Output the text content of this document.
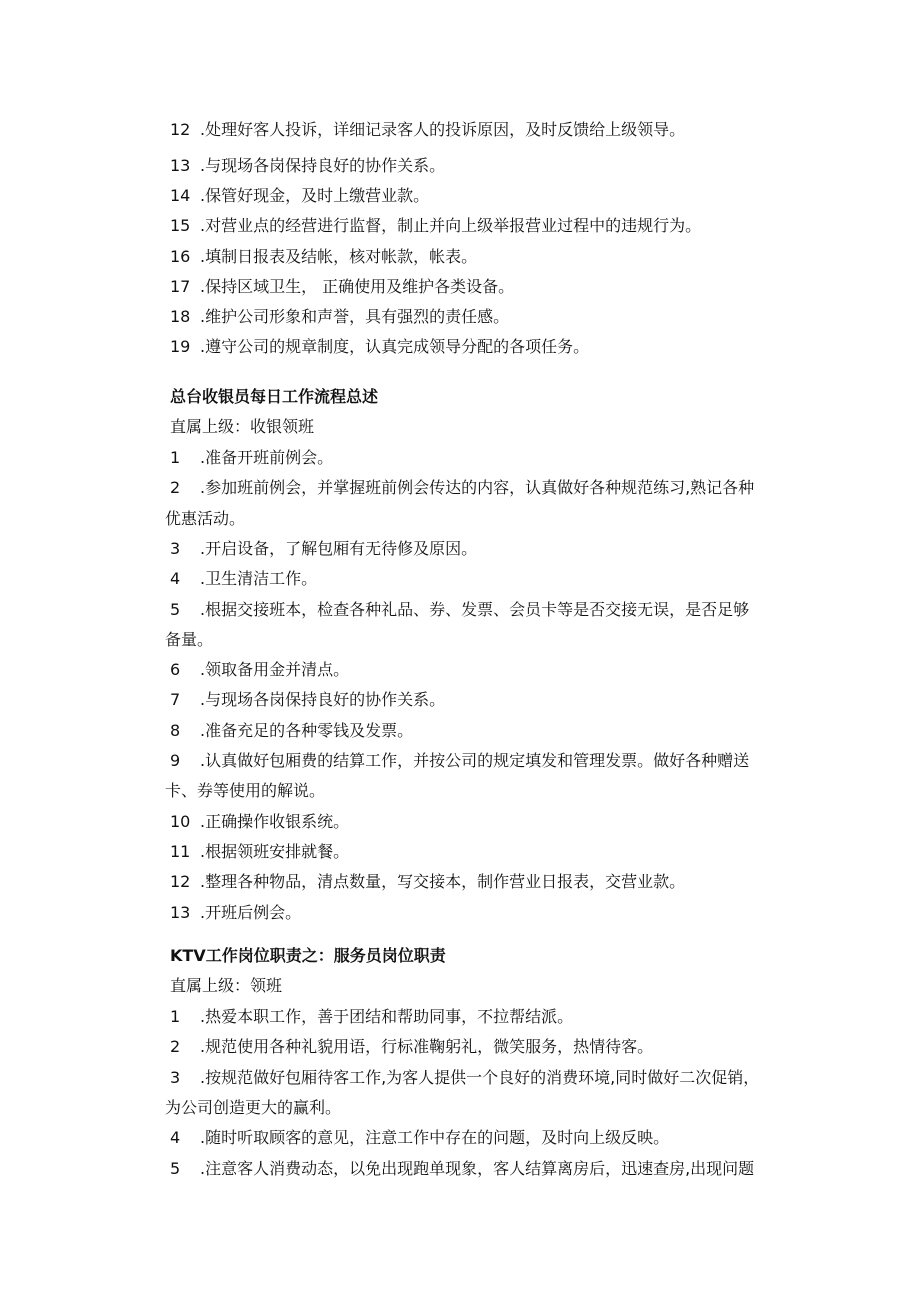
12 .处理好客人投诉，详细记录客人的投诉原因，及时反馈给上级领导。
13 .与现场各岗保持良好的协作关系。
14 .保管好现金，及时上缴营业款。
15 .对营业点的经营进行监督，制止并向上级举报营业过程中的违规行为。
16 .填制日报表及结帐，核对帐款，帐表。
17 .保持区域卫生， 正确使用及维护各类设备。
18 .维护公司形象和声誉，具有强烈的责任感。
19 .遵守公司的规章制度，认真完成领导分配的各项任务。
总台收银员每日工作流程总述
直属上级：收银领班
1 .准备开班前例会。
2 .参加班前例会，并掌握班前例会传达的内容，认真做好各种规范练习,熟记各种
优惠活动。
3 .开启设备，了解包厢有无待修及原因。
4 .卫生清洁工作。
5 .根据交接班本，检查各种礼品、券、发票、会员卡等是否交接无误，是否足够
备量。
6 .领取备用金并清点。
7 .与现场各岗保持良好的协作关系。
8 .准备充足的各种零钱及发票。
9 .认真做好包厢费的结算工作，并按公司的规定填发和管理发票。做好各种赠送
卡、券等使用的解说。
10 .正确操作收银系统。
11 .根据领班安排就餐。
12 .整理各种物品，清点数量，写交接本，制作营业日报表，交营业款。
13 .开班后例会。
KTV工作岗位职责之：服务员岗位职责
直属上级：领班
1 .热爱本职工作，善于团结和帮助同事，不拉帮结派。
2 .规范使用各种礼貌用语，行标准鞠躬礼，微笑服务，热情待客。
3 .按规范做好包厢待客工作,为客人提供一个良好的消费环境,同时做好二次促销，
为公司创造更大的赢利。
4 .随时听取顾客的意见，注意工作中存在的问题，及时向上级反映。
5 .注意客人消费动态，以免出现跑单现象，客人结算离房后，迅速查房,出现问题
